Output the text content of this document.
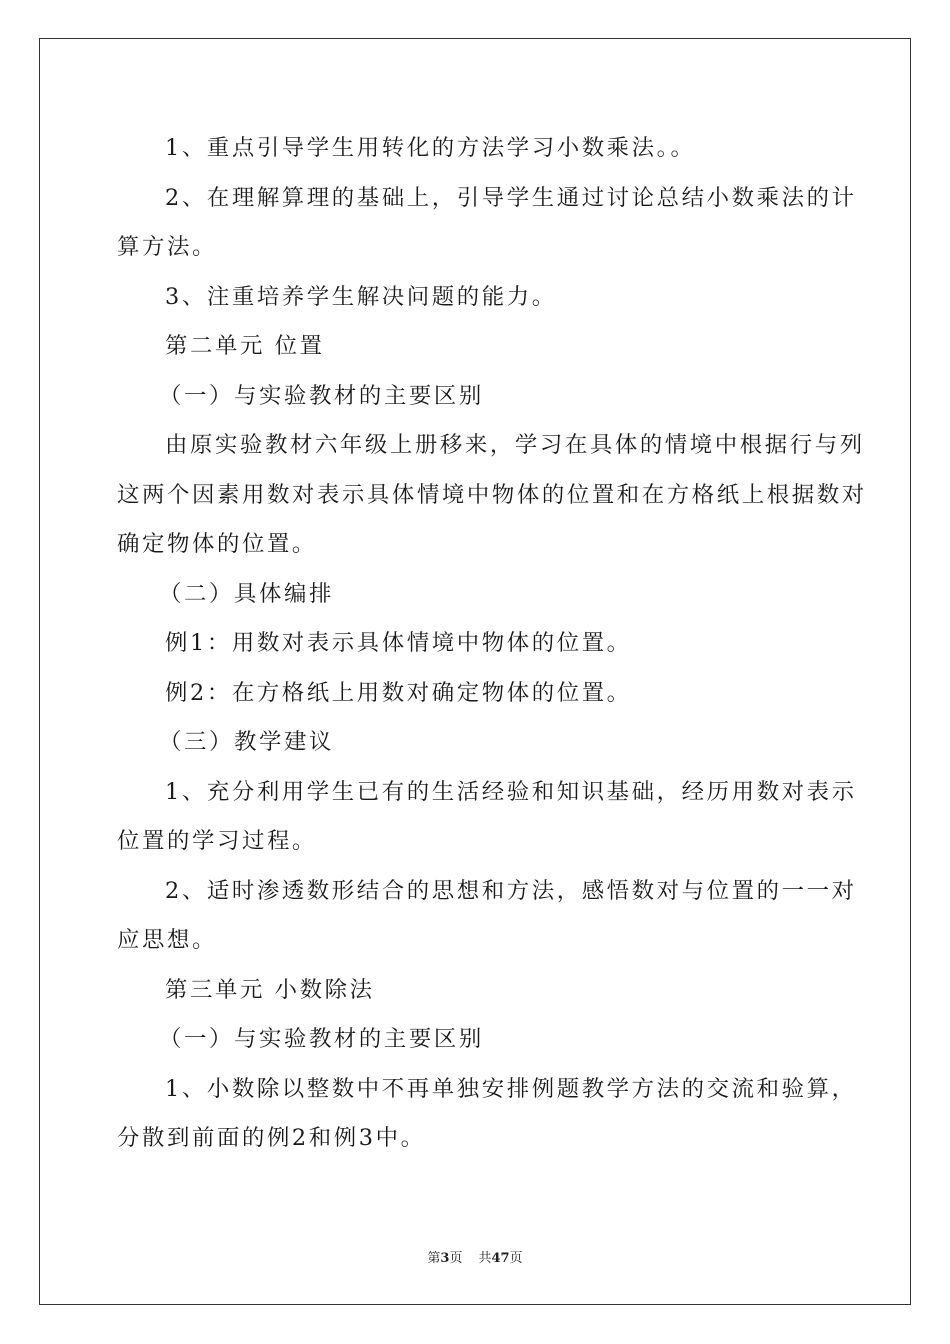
1、重点引导学生用转化的方法学习小数乘法。。

2、在理解算理的基础上，引导学生通过讨论总结小数乘法的计

算方法。

3、注重培养学生解决问题的能力。

第二单元 位置

（一）与实验教材的主要区别

由原实验教材六年级上册移来，学习在具体的情境中根据行与列

这两个因素用数对表示具体情境中物体的位置和在方格纸上根据数对

确定物体的位置。

（二）具体编排

例1：用数对表示具体情境中物体的位置。

例2：在方格纸上用数对确定物体的位置。

（三）教学建议

1、充分利用学生已有的生活经验和知识基础，经历用数对表示

位置的学习过程。

2、适时渗透数形结合的思想和方法，感悟数对与位置的一一对

应思想。

第三单元 小数除法

（一）与实验教材的主要区别

1、小数除以整数中不再单独安排例题教学方法的交流和验算，

分散到前面的例2和例3中。

第3页 共47页
